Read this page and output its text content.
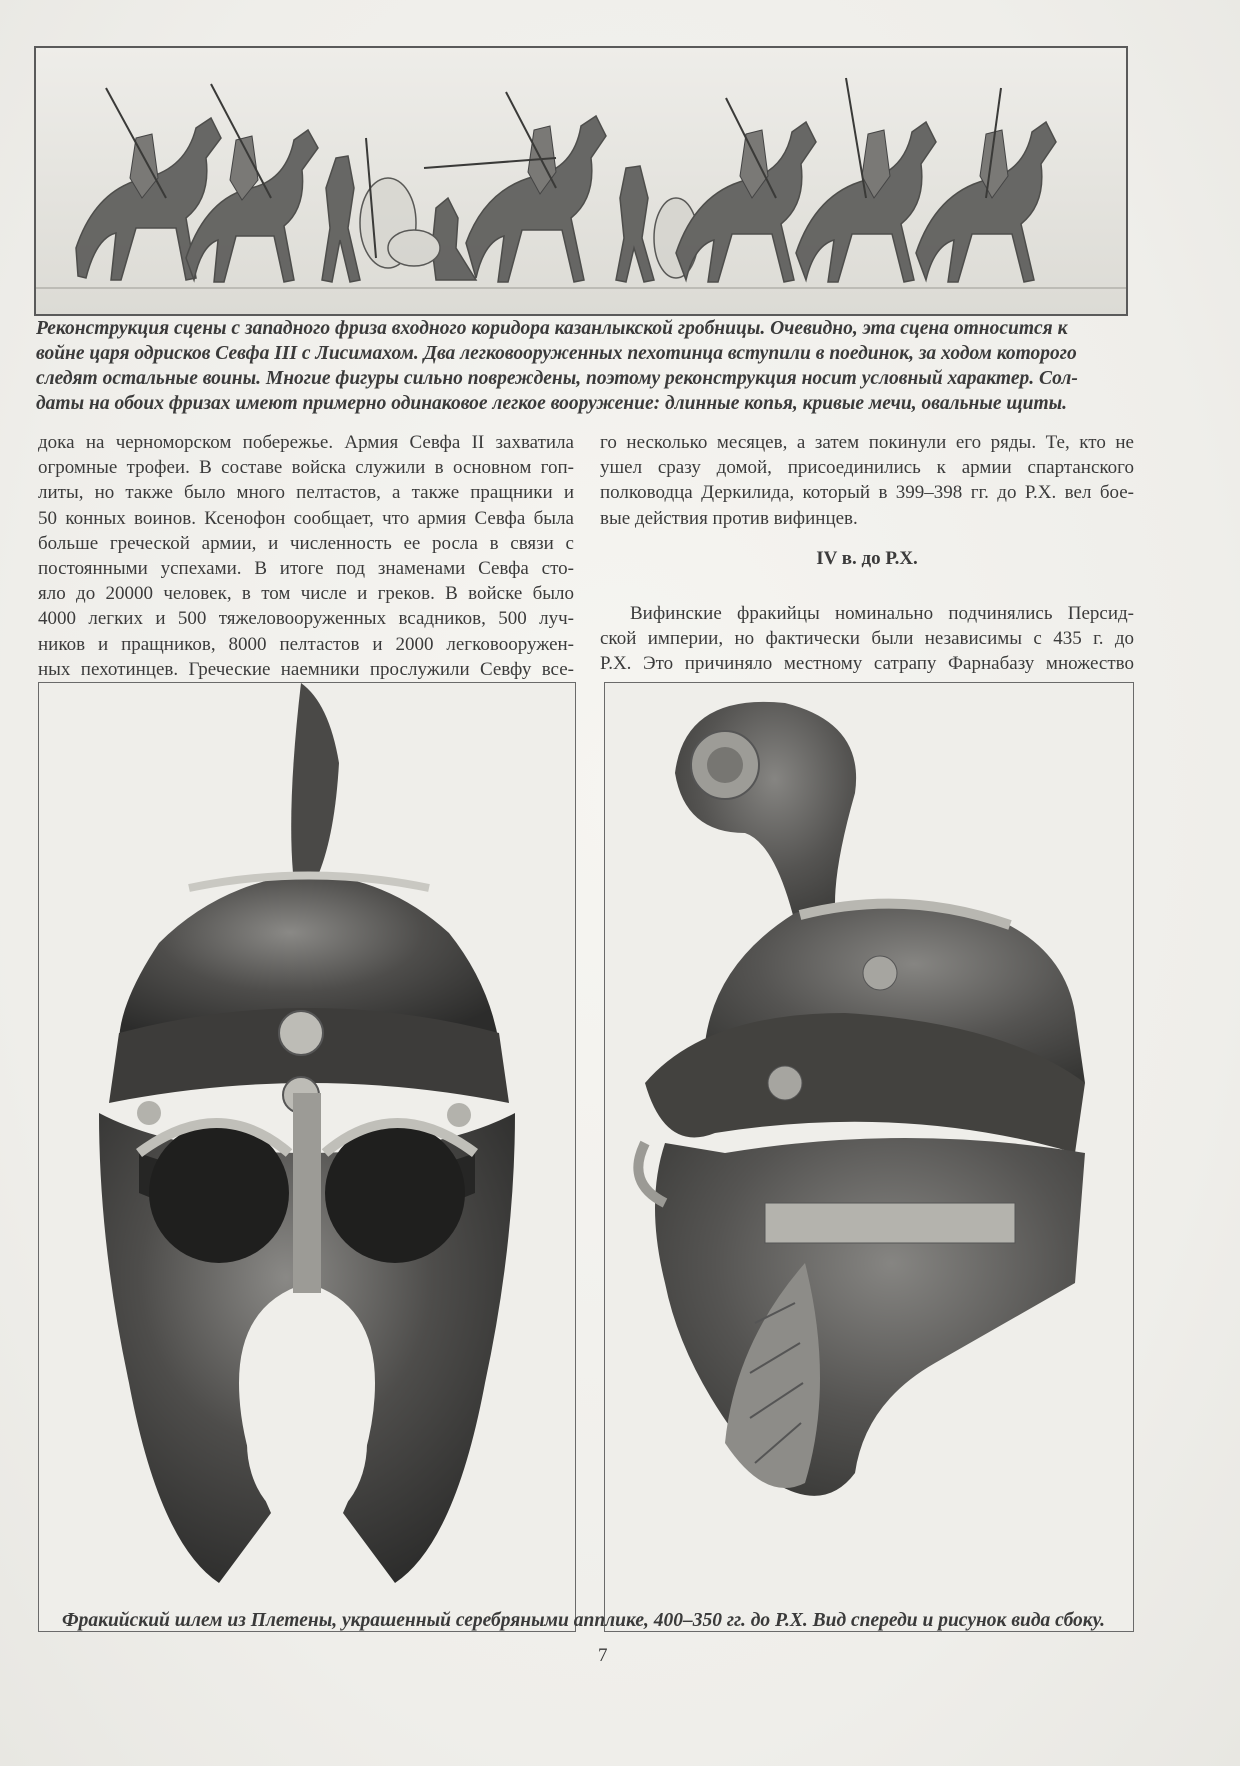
Реконструкция сцены с западного фриза входного коридора казанлыкской гробницы. Очевидно, эта сцена относится к
войне царя одрисков Севфа III с Лисимахом. Два легковооруженных пехотинца вступили в поединок, за ходом которого
следят остальные воины. Многие фигуры сильно повреждены, поэтому реконструкция носит условный характер. Сол-
даты на обоих фризах имеют примерно одинаковое легкое вооружение: длинные копья, кривые мечи, овальные щиты.

дока на черноморском побережье. Армия Севфа II захватила
огромные трофеи. В составе войска служили в основном гоп-
литы, но также было много пелтастов, а также пращники и
50 конных воинов. Ксенофон сообщает, что армия Севфа была
больше греческой армии, и численность ее росла в связи с
постоянными успехами. В итоге под знаменами Севфа сто-
яло до 20000 человек, в том числе и греков. В войске было
4000 легких и 500 тяжеловооруженных всадников, 500 луч-
ников и пращников, 8000 пелтастов и 2000 легковооружен-
ных пехотинцев. Греческие наемники прослужили Севфу все-
го несколько месяцев, а затем покинули его ряды. Те, кто не
ушел сразу домой, присоединились к армии спартанского
полководца Деркилида, который в 399–398 гг. до Р.Х. вел бое-
вые действия против вифинцев.

IV в. до Р.Х.

Вифинские фракийцы номинально подчинялись Персид-
ской империи, но фактически были независимы с 435 г. до
Р.Х. Это причиняло местному сатрапу Фарнабазу множество

Фракийский шлем из Плетены, украшенный серебряными апплике, 400–350 гг. до Р.Х. Вид спереди и рисунок вида сбоку.

7
